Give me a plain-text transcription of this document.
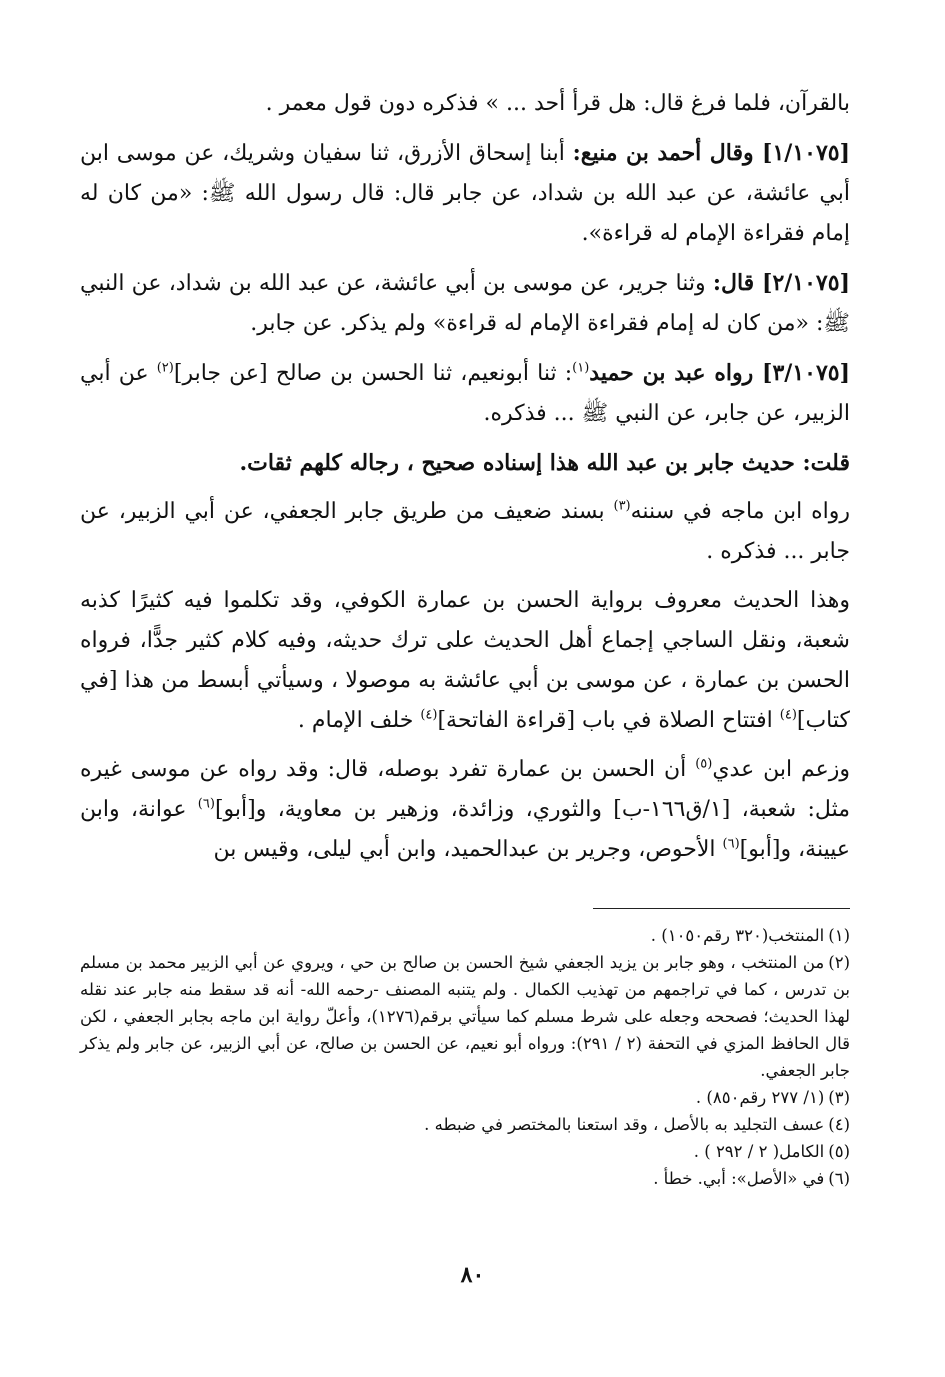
بالقرآن، فلما فرغ قال: هل قرأ أحد ... » فذكره دون قول معمر .

[١/١٠٧٥] وقال أحمد بن منيع: أبنا إسحاق الأزرق، ثنا سفيان وشريك، عن موسى ابن أبي عائشة، عن عبد الله بن شداد، عن جابر قال: قال رسول الله ﷺ: «من كان له إمام فقراءة الإمام له قراءة».

[٢/١٠٧٥] قال: وثنا جرير، عن موسى بن أبي عائشة، عن عبد الله بن شداد، عن النبي ﷺ: «من كان له إمام فقراءة الإمام له قراءة» ولم يذكر. عن جابر.

[٣/١٠٧٥] رواه عبد بن حميد$^{(١)}$: ثنا أبونعيم، ثنا الحسن بن صالح [عن جابر]$^{(٢)}$ عن أبي الزبير، عن جابر، عن النبي ﷺ ... فذكره.

قلت: حديث جابر بن عبد الله هذا إسناده صحيح ، رجاله كلهم ثقات.

رواه ابن ماجه في سننه$^{(٣)}$ بسند ضعيف من طريق جابر الجعفي، عن أبي الزبير، عن جابر ... فذكره .

وهذا الحديث معروف برواية الحسن بن عمارة الكوفي، وقد تكلموا فيه كثيرًا كذبه شعبة، ونقل الساجي إجماع أهل الحديث على ترك حديثه، وفيه كلام كثير جدًّا، فرواه الحسن بن عمارة ، عن موسى بن أبي عائشة به موصولا ، وسيأتي أبسط من هذا [في كتاب]$^{(٤)}$ افتتاح الصلاة في باب [قراءة الفاتحة]$^{(٤)}$ خلف الإمام .

وزعم ابن عدي$^{(٥)}$ أن الحسن بن عمارة تفرد بوصله، قال: وقد رواه عن موسى غيره مثل: شعبة، [١/ق١٦٦-ب] والثوري، وزائدة، وزهير بن معاوية، و[أبو]$^{(٦)}$ عوانة، وابن عيينة، و[أبو]$^{(٦)}$ الأحوص، وجرير بن عبدالحميد، وابن أبي ليلى، وقيس بن

(١)المنتخب(٣٢٠ رقم١٠٥٠) .

(٢)من المنتخب ، وهو جابر بن يزيد الجعفي شيخ الحسن بن صالح بن حي ، ويروي عن أبي الزبير محمد بن مسلم بن تدرس ، كما في تراجمهم من تهذيب الكمال . ولم يتنبه المصنف -رحمه الله- أنه قد سقط منه جابر عند نقله لهذا الحديث؛ فصححه وجعله على شرط مسلم كما سيأتي برقم(١٢٧٦)، وأعلّ رواية ابن ماجه بجابر الجعفي ، لكن قال الحافظ المزي في التحفة (٢ / ٢٩١): ورواه أبو نعيم، عن الحسن بن صالح، عن أبي الزبير، عن جابر ولم يذكر جابر الجعفي.

(٣)(١/ ٢٧٧ رقم٨٥٠) .

(٤)عسف التجليد به بالأصل ، وقد استعنا بالمختصر في ضبطه .

(٥)الكامل( ٢ / ٢٩٢ ) .

(٦)في «الأصل»: أبي. خطأ .

٨٠
